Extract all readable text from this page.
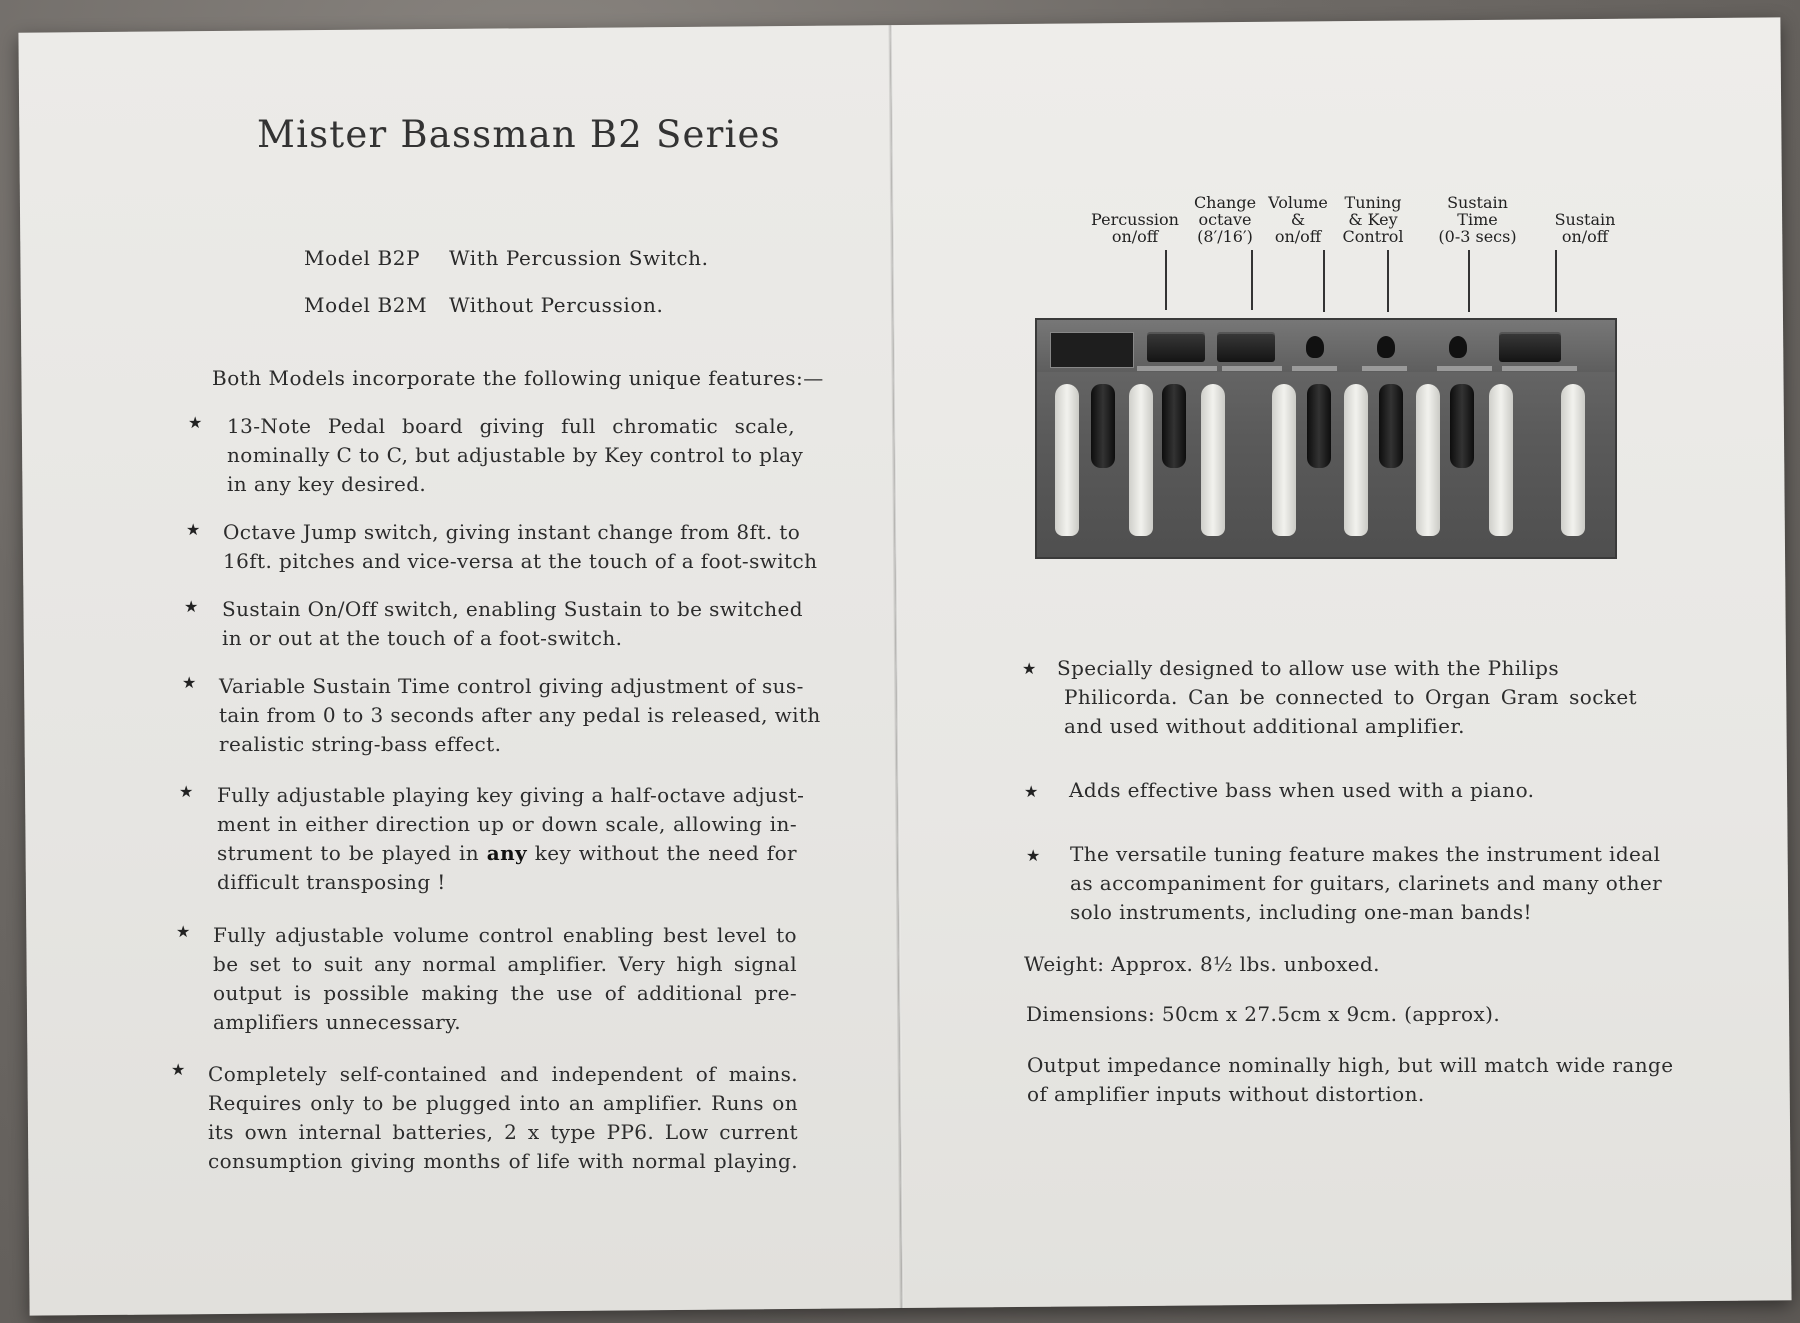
Mister Bassman B2 Series
Model B2P With Percussion Switch.
Model B2M Without Percussion.
Both Models incorporate the following unique features:—
★ 13-Note Pedal board giving full chromatic scale,
nominally C to C, but adjustable by Key control to play
in any key desired.
★ Octave Jump switch, giving instant change from 8ft. to
16ft. pitches and vice-versa at the touch of a foot-switch
★ Sustain On/Off switch, enabling Sustain to be switched
in or out at the touch of a foot-switch.
★ Variable Sustain Time control giving adjustment of sus-
tain from 0 to 3 seconds after any pedal is released, with
realistic string-bass effect.
★ Fully adjustable playing key giving a half-octave adjust-
ment in either direction up or down scale, allowing in-
strument to be played in any key without the need for
difficult transposing !
★ Fully adjustable volume control enabling best level to
be set to suit any normal amplifier. Very high signal
output is possible making the use of additional pre-
amplifiers unnecessary.
★ Completely self-contained and independent of mains.
Requires only to be plugged into an amplifier. Runs on
its own internal batteries, 2 x type PP6. Low current
consumption giving months of life with normal playing.
Percussion
on/off
Change
octave
(8′/16′)
Volume
&
on/off
Tuning
& Key
Control
Sustain
Time
(0-3 secs)
Sustain
on/off
★ Specially designed to allow use with the Philips
Philicorda. Can be connected to Organ Gram socket
and used without additional amplifier.
★ Adds effective bass when used with a piano.
★ The versatile tuning feature makes the instrument ideal
as accompaniment for guitars, clarinets and many other
solo instruments, including one-man bands!
Weight: Approx. 8½ lbs. unboxed.
Dimensions: 50cm x 27.5cm x 9cm. (approx).
Output impedance nominally high, but will match wide range
of amplifier inputs without distortion.
